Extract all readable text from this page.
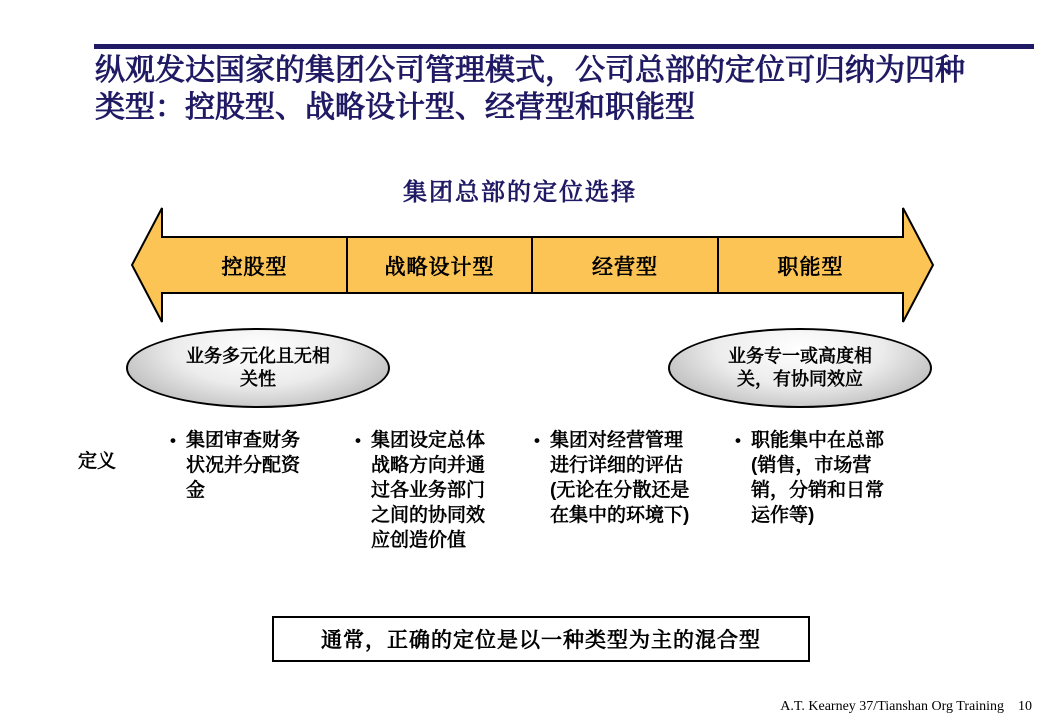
纵观发达国家的集团公司管理模式，公司总部的定位可归纳为四种类型：控股型、战略设计型、经营型和职能型
集团总部的定位选择
控股型	战略设计型	经营型	职能型
业务多元化且无相关性
业务专一或高度相关，有协同效应
定义
• 集团审查财务状况并分配资金
• 集团设定总体战略方向并通过各业务部门之间的协同效应创造价值
• 集团对经营管理进行详细的评估(无论在分散还是在集中的环境下)
• 职能集中在总部(销售，市场营销，分销和日常运作等)
通常，正确的定位是以一种类型为主的混合型
A.T. Kearney 37/Tianshan Org Training 10
